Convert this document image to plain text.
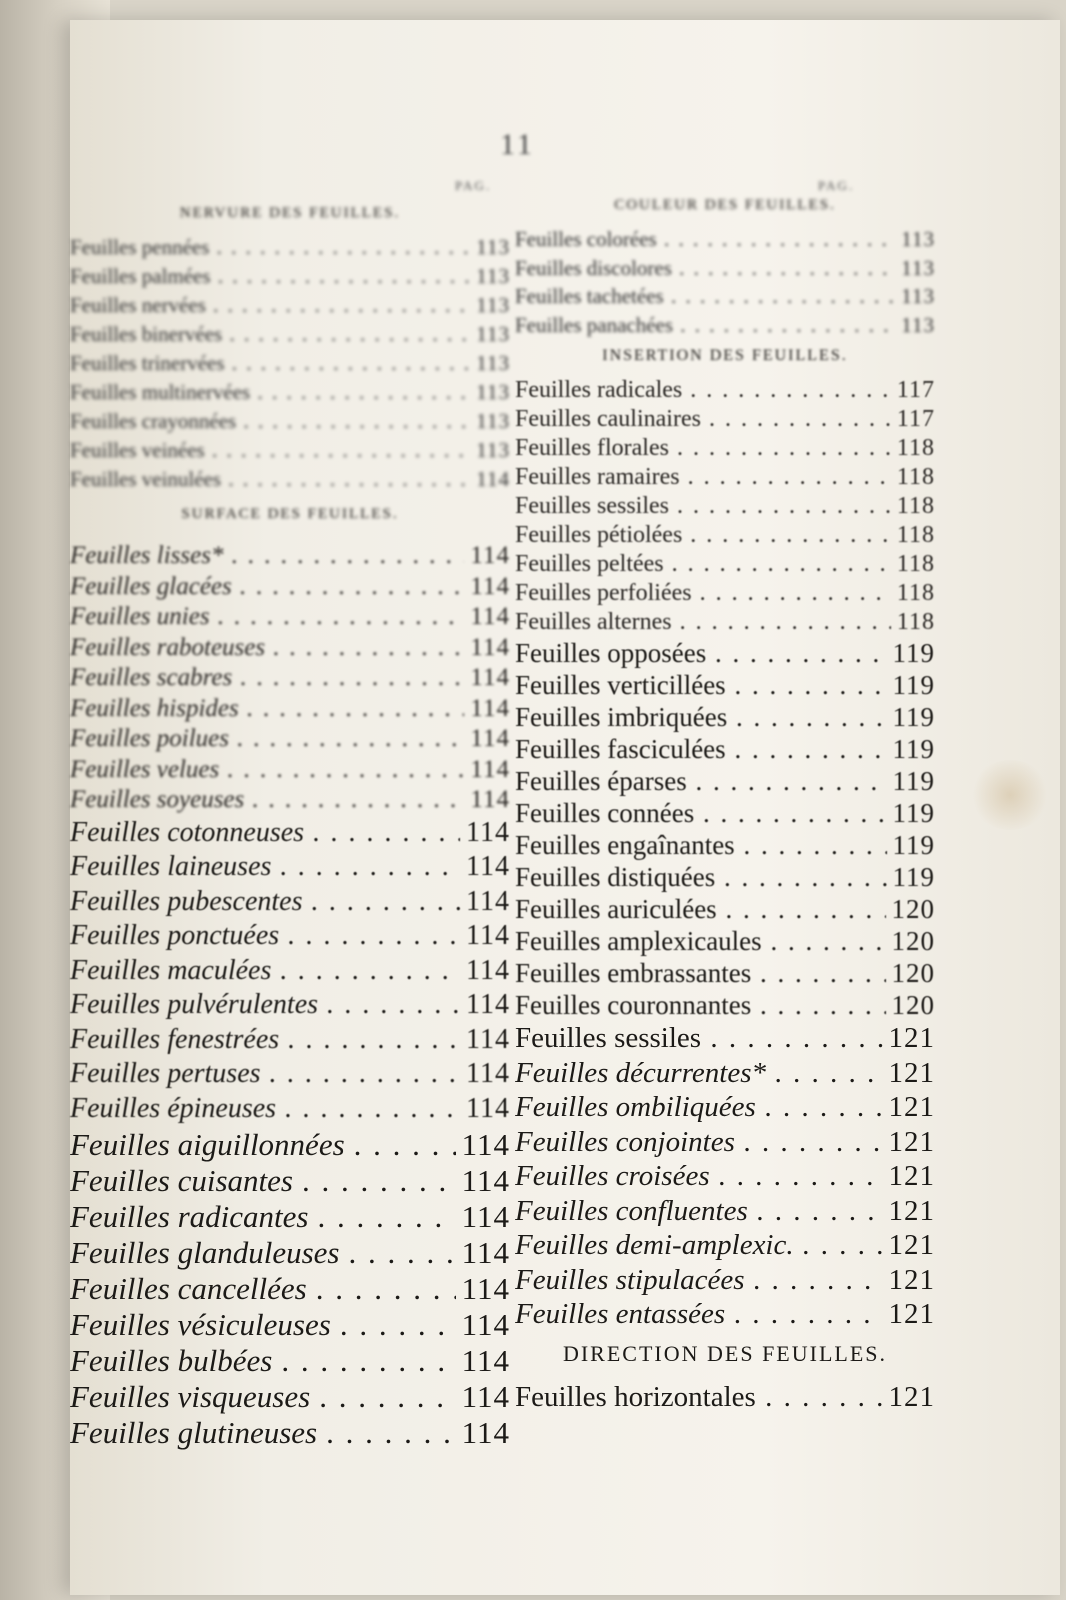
11
PAG.	PAG.
NERVURE DES FEUILLES.
Feuilles pennées . . .	113
Feuilles palmées . . .	113
Feuilles nervées . . .	113
Feuilles binervées . . .	113
Feuilles trinervées . . .	113
Feuilles multinervées . . .	113
Feuilles crayonnées . . .	113
Feuilles veinées . . .	113
Feuilles veinulées . . .	114
SURFACE DES FEUILLES.
Feuilles lisses* . . .	114
Feuilles glacées . . .	114
Feuilles unies . . .	114
Feuilles raboteuses . . .	114
Feuilles scabres . . .	114
Feuilles hispides . . .	114
Feuilles poilues . . .	114
Feuilles velues . . .	114
Feuilles soyeuses . . .	114
Feuilles cotonneuses . . .	114
Feuilles laineuses . . .	114
Feuilles pubescentes . . .	114
Feuilles ponctuées . . .	114
Feuilles maculées . . .	114
Feuilles pulvérulentes . . .	114
Feuilles fenestrées . . .	114
Feuilles pertuses . . .	114
Feuilles épineuses . . .	114
Feuilles aiguillonnées . . .	114
Feuilles cuisantes . . .	114
Feuilles radicantes . . .	114
Feuilles glanduleuses . . .	114
Feuilles cancellées . . .	114
Feuilles vésiculeuses . . .	114
Feuilles bulbées . . .	114
Feuilles visqueuses . . .	114
Feuilles glutineuses . . .	114
COULEUR DES FEUILLES.
Feuilles colorées . . .	113
Feuilles discolores . . .	113
Feuilles tachetées . . .	113
Feuilles panachées . . .	113
INSERTION DES FEUILLES.
Feuilles radicales . . .	117
Feuilles caulinaires . . .	117
Feuilles florales . . .	118
Feuilles ramaires . . .	118
Feuilles sessiles . . .	118
Feuilles pétiolées . . .	118
Feuilles peltées . . .	118
Feuilles perfoliées . . .	118
Feuilles alternes . . .	118
Feuilles opposées . . .	119
Feuilles verticillées . . .	119
Feuilles imbriquées . . .	119
Feuilles fasciculées . . .	119
Feuilles éparses . . .	119
Feuilles connées . . .	119
Feuilles engaînantes . . .	119
Feuilles distiquées . . .	119
Feuilles auriculées . . .	120
Feuilles amplexicaules . . .	120
Feuilles embrassantes . . .	120
Feuilles couronnantes . . .	120
Feuilles sessiles . . .	121
Feuilles décurrentes* . . .	121
Feuilles ombiliquées . . .	121
Feuilles conjointes . . .	121
Feuilles croisées . . .	121
Feuilles confluentes . . .	121
Feuilles demi-amplexic. . . .	121
Feuilles stipulacées . . .	121
Feuilles entassées . . .	121
DIRECTION DES FEUILLES.
Feuilles horizontales . . .	121
